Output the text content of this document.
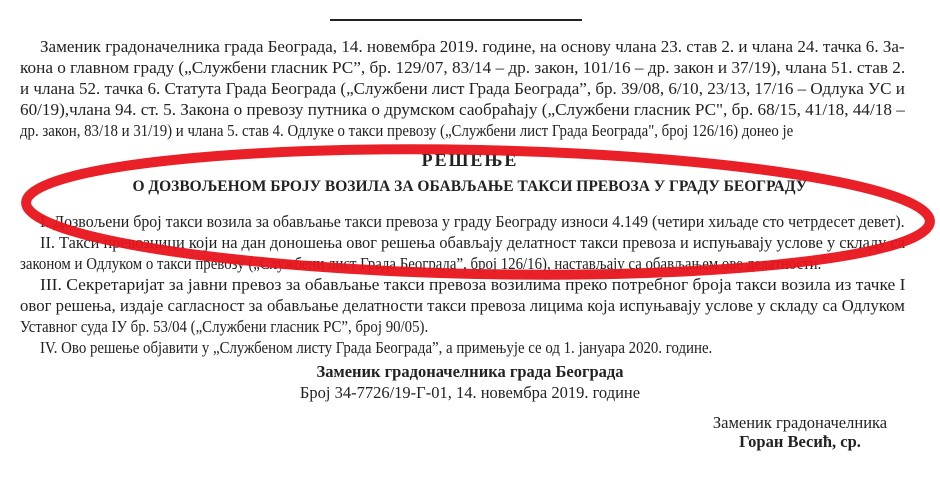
Заменик градоначелника града Београда, 14. новембра 2019. године, на основу члана 23. став 2. и члана 24. тачка 6. За-
кона о главном граду („Службени гласник РС”, бр. 129/07, 83/14 – др. закон, 101/16 – др. закон и 37/19), члана 51. став 2.
и члана 52. тачка 6. Статута Града Београда („Службени лист Града Београда”, бр. 39/08, 6/10, 23/13, 17/16 – Одлука УС и
60/19),члана 94. ст. 5. Закона о превозу путника о друмском саобраћају („Службени гласник РС", бр. 68/15, 41/18, 44/18 –
др. закон, 83/18 и 31/19) и члана 5. став 4. Одлуке о такси превозу („Службени лист Града Београда", број 126/16) донео је
РЕШЕЊЕ
О ДОЗВОЉЕНОМ БРОЈУ ВОЗИЛА ЗА ОБАВЉАЊЕ ТАКСИ ПРЕВОЗА У ГРАДУ БЕОГРАДУ
I. Дозвољени број такси возила за обављање такси превоза у граду Београду износи 4.149 (четири хиљаде сто четрдесет девет).
II. Такси превозници који на дан доношења овог решења обављају делатност такси превоза и испуњавају услове у складу са
законом и Одлуком о такси превозу („Службени лист Града Београда”, број 126/16), настављају са обављањем ове делатности.
III. Секретаријат за јавни превоз за обављање такси превоза возилима преко потребног броја такси возила из тачке I
овог решења, издаје сагласност за обављање делатности такси превоза лицима која испуњавају услове у складу са Одлуком
Уставног суда IУ бр. 53/04 („Службени гласник РС”, број 90/05).
IV. Ово решење објавити у „Службеном листу Града Београда”, а примењује се од 1. јануара 2020. године.
Заменик градоначелника града Београда
Број 34-7726/19-Г-01, 14. новембра 2019. године
Заменик градоначелника
Горан Весић, ср.
